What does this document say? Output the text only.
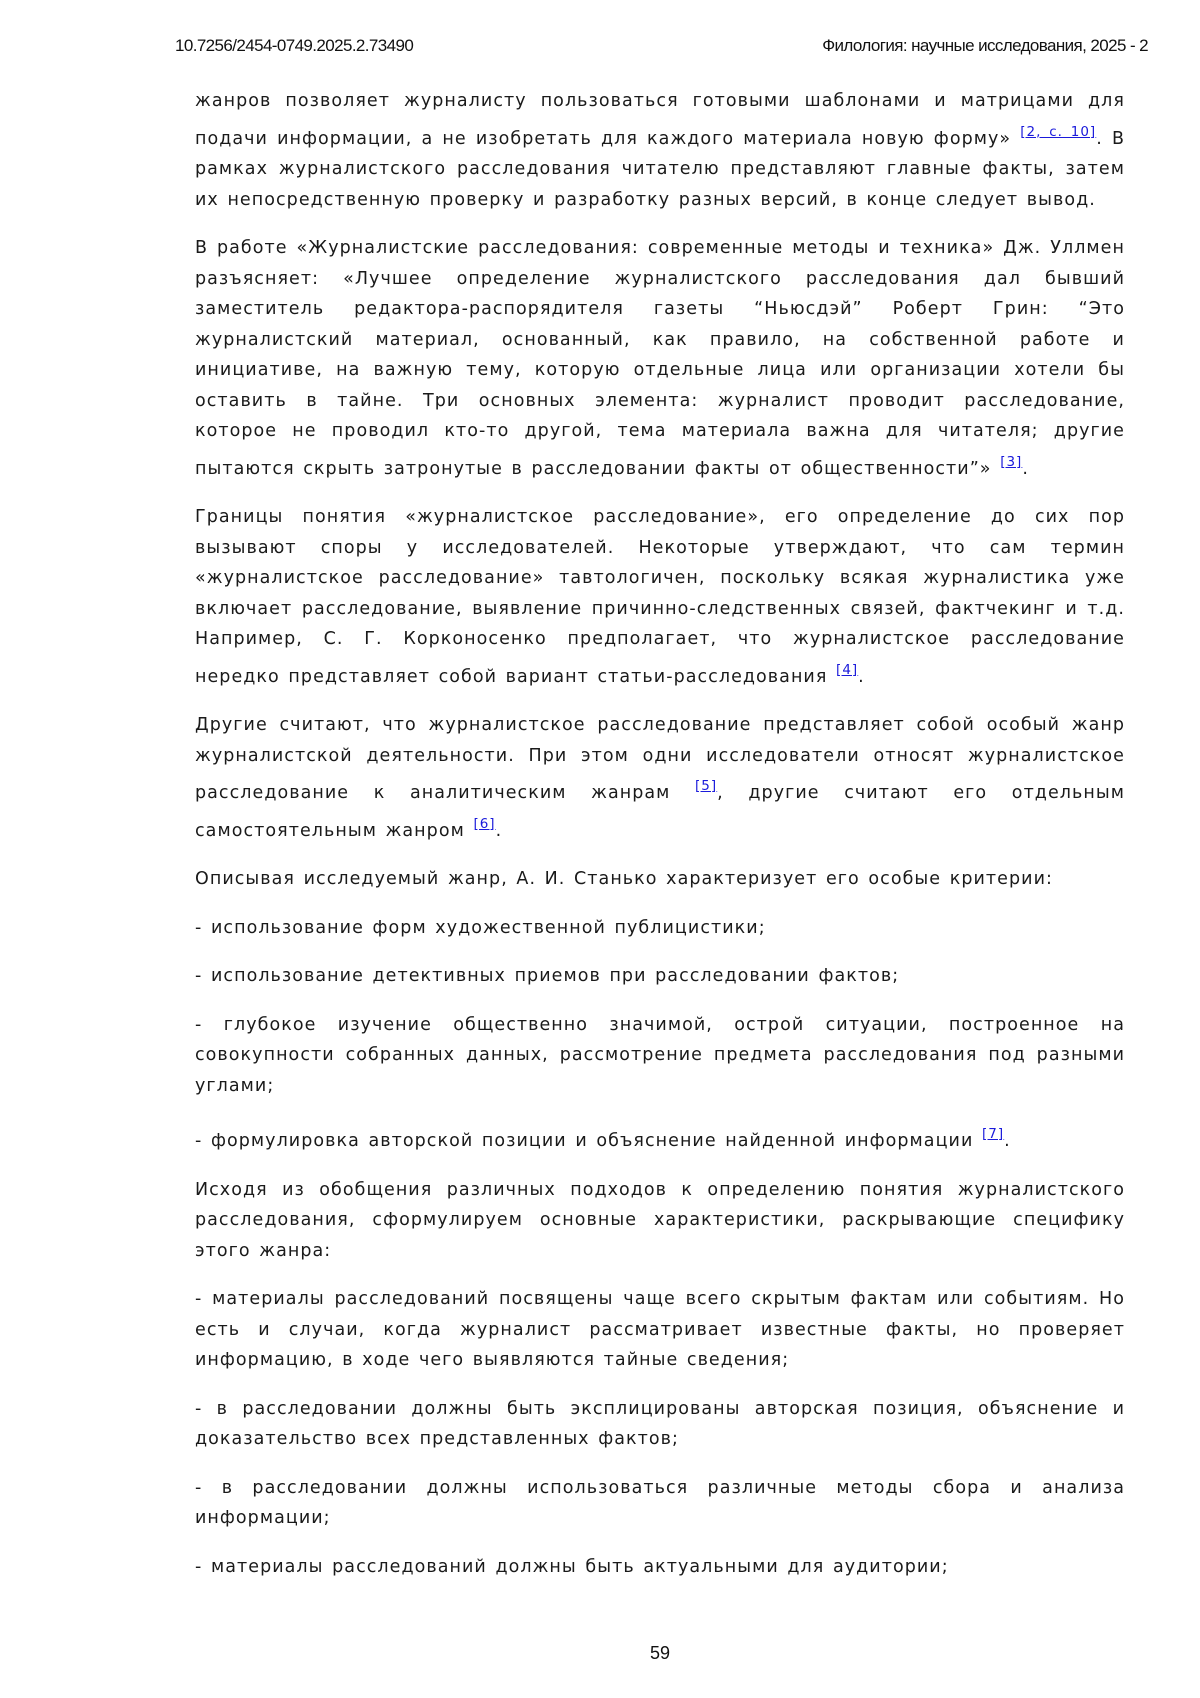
10.7256/2454-0749.2025.2.73490	Филология: научные исследования, 2025 - 2

жанров позволяет журналисту пользоваться готовыми шаблонами и матрицами для подачи информации, а не изобретать для каждого материала новую форму» [2, с. 10]. В рамках журналистского расследования читателю представляют главные факты, затем их непосредственную проверку и разработку разных версий, в конце следует вывод.

В работе «Журналистские расследования: современные методы и техника» Дж. Уллмен разъясняет: «Лучшее определение журналистского расследования дал бывший заместитель редактора-распорядителя газеты “Ньюсдэй” Роберт Грин: “Это журналистский материал, основанный, как правило, на собственной работе и инициативе, на важную тему, которую отдельные лица или организации хотели бы оставить в тайне. Три основных элемента: журналист проводит расследование, которое не проводил кто-то другой, тема материала важна для читателя; другие пытаются скрыть затронутые в расследовании факты от общественности”» [3].

Границы понятия «журналистское расследование», его определение до сих пор вызывают споры у исследователей. Некоторые утверждают, что сам термин «журналистское расследование» тавтологичен, поскольку всякая журналистика уже включает расследование, выявление причинно-следственных связей, фактчекинг и т.д. Например, С. Г. Корконосенко предполагает, что журналистское расследование нередко представляет собой вариант статьи-расследования [4].

Другие считают, что журналистское расследование представляет собой особый жанр журналистской деятельности. При этом одни исследователи относят журналистское расследование к аналитическим жанрам [5], другие считают его отдельным самостоятельным жанром [6].

Описывая исследуемый жанр, А. И. Станько характеризует его особые критерии:

- использование форм художественной публицистики;

- использование детективных приемов при расследовании фактов;

- глубокое изучение общественно значимой, острой ситуации, построенное на совокупности собранных данных, рассмотрение предмета расследования под разными углами;

- формулировка авторской позиции и объяснение найденной информации [7].

Исходя из обобщения различных подходов к определению понятия журналистского расследования, сформулируем основные характеристики, раскрывающие специфику этого жанра:

- материалы расследований посвящены чаще всего скрытым фактам или событиям. Но есть и случаи, когда журналист рассматривает известные факты, но проверяет информацию, в ходе чего выявляются тайные сведения;

- в расследовании должны быть эксплицированы авторская позиция, объяснение и доказательство всех представленных фактов;

- в расследовании должны использоваться различные методы сбора и анализа информации;

- материалы расследований должны быть актуальными для аудитории;

59
